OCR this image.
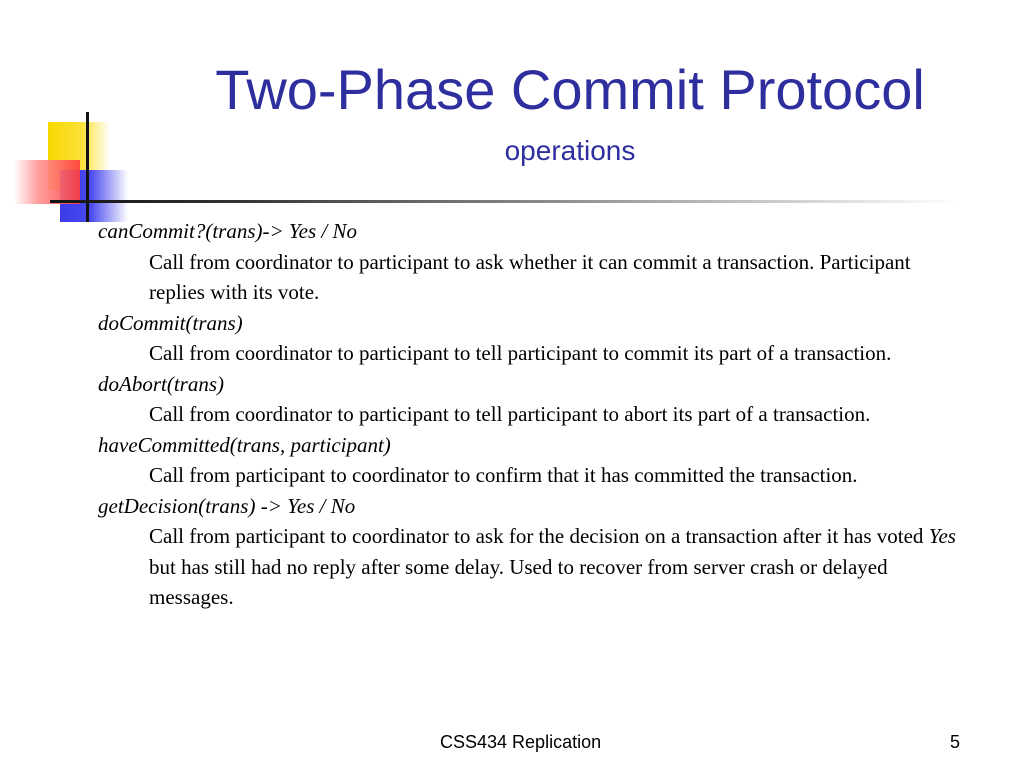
Two-Phase Commit Protocol
operations
canCommit?(trans)-> Yes / No
Call from coordinator to participant to ask whether it can commit a transaction. Participant replies with its vote.
doCommit(trans)
Call from coordinator to participant to tell participant to commit its part of a transaction.
doAbort(trans)
Call from coordinator to participant to tell participant to abort its part of a transaction.
haveCommitted(trans, participant)
Call from participant to coordinator to confirm that it has committed the transaction.
getDecision(trans) -> Yes / No
Call from participant to coordinator to ask for the decision on a transaction after it has voted Yes but has still had no reply after some delay. Used to recover from server crash or delayed messages.
CSS434 Replication	5
